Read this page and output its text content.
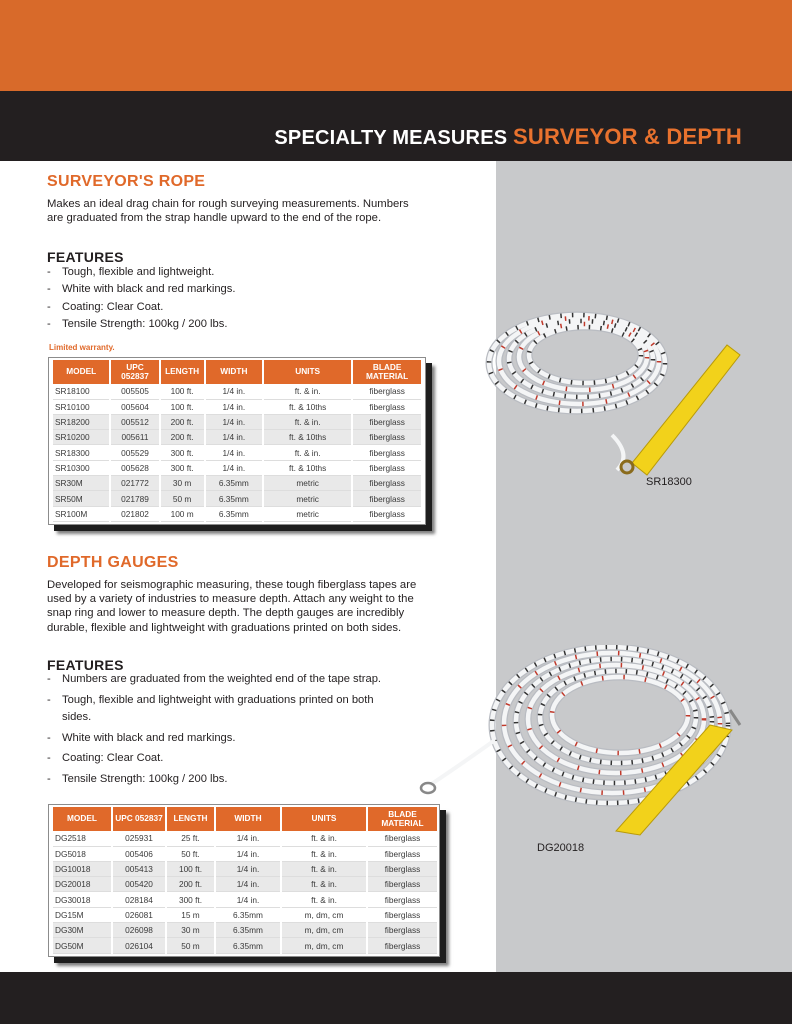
SPECIALTY MEASURES SURVEYOR & DEPTH
SURVEYOR'S ROPE
Makes an ideal drag chain for rough surveying measurements. Numbers are graduated from the strap handle upward to the end of the rope.
FEATURES
- Tough, flexible and lightweight.
- White with black and red markings.
- Coating: Clear Coat.
- Tensile Strength: 100kg / 200 lbs.
Limited warranty.
MODEL	UPC 052837	LENGTH	WIDTH	UNITS	BLADE MATERIAL
SR18100	005505	100 ft.	1/4 in.	ft. & in.	fiberglass
SR10100	005604	100 ft.	1/4 in.	ft. & 10ths	fiberglass
SR18200	005512	200 ft.	1/4 in.	ft. & in.	fiberglass
SR10200	005611	200 ft.	1/4 in.	ft. & 10ths	fiberglass
SR18300	005529	300 ft.	1/4 in.	ft. & in.	fiberglass
SR10300	005628	300 ft.	1/4 in.	ft. & 10ths	fiberglass
SR30M	021772	30 m	6.35mm	metric	fiberglass
SR50M	021789	50 m	6.35mm	metric	fiberglass
SR100M	021802	100 m	6.35mm	metric	fiberglass
DEPTH GAUGES
Developed for seismographic measuring, these tough fiberglass tapes are used by a variety of industries to measure depth. Attach any weight to the snap ring and lower to measure depth. The depth gauges are incredibly durable, flexible and lightweight with graduations printed on both sides.
FEATURES
- Numbers are graduated from the weighted end of the tape strap.
- Tough, flexible and lightweight with graduations printed on both sides.
- White with black and red markings.
- Coating: Clear Coat.
- Tensile Strength: 100kg / 200 lbs.
MODEL	UPC 052837	LENGTH	WIDTH	UNITS	BLADE MATERIAL
DG2518	025931	25 ft.	1/4 in.	ft. & in.	fiberglass
DG5018	005406	50 ft.	1/4 in.	ft. & in.	fiberglass
DG10018	005413	100 ft.	1/4 in.	ft. & in.	fiberglass
DG20018	005420	200 ft.	1/4 in.	ft. & in.	fiberglass
DG30018	028184	300 ft.	1/4 in.	ft. & in.	fiberglass
DG15M	026081	15 m	6.35mm	m, dm, cm	fiberglass
DG30M	026098	30 m	6.35mm	m, dm, cm	fiberglass
DG50M	026104	50 m	6.35mm	m, dm, cm	fiberglass
SR18300
DG20018
